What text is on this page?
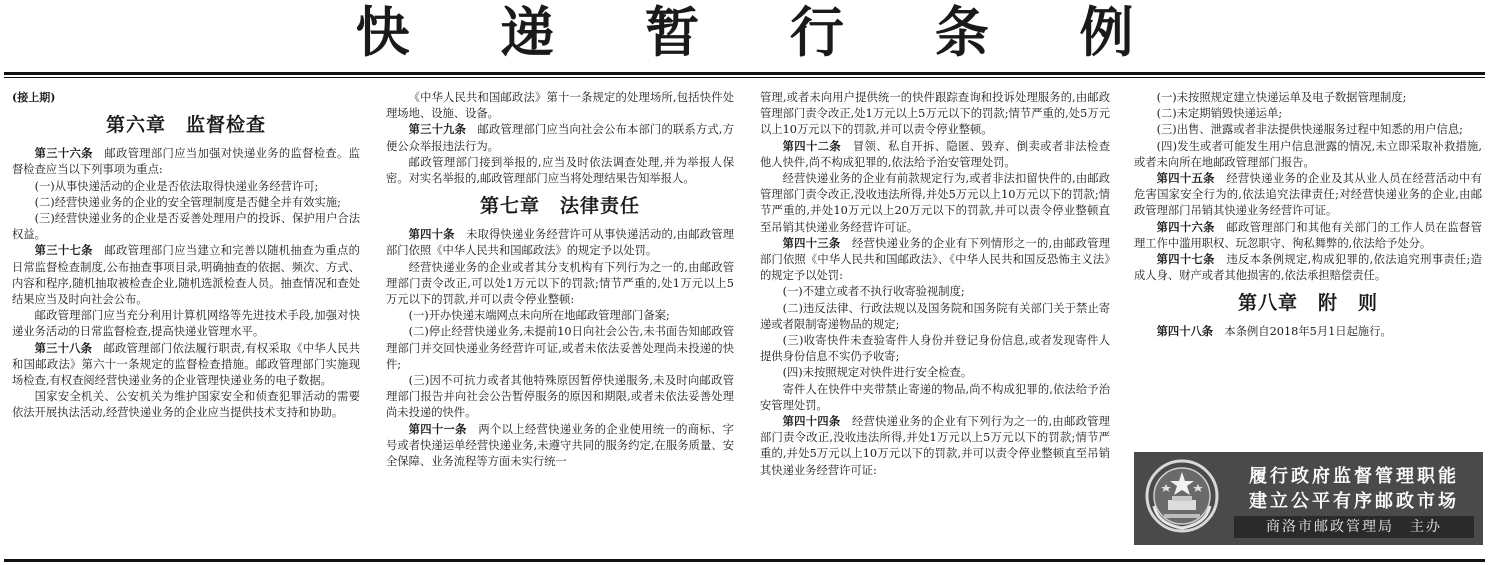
快 递 暂 行 条 例

(接上期)

第六章　监督检查

第三十六条　邮政管理部门应当加强对快递业务的监督检查。监督检查应当以下列事项为重点:

(一)从事快递活动的企业是否依法取得快递业务经营许可;

(二)经营快递业务的企业的安全管理制度是否健全并有效实施;

(三)经营快递业务的企业是否妥善处理用户的投诉、保护用户合法权益。

第三十七条　邮政管理部门应当建立和完善以随机抽查为重点的日常监督检查制度,公布抽查事项目录,明确抽查的依据、频次、方式、内容和程序,随机抽取被检查企业,随机选派检查人员。抽查情况和查处结果应当及时向社会公布。

邮政管理部门应当充分利用计算机网络等先进技术手段,加强对快递业务活动的日常监督检查,提高快递业管理水平。

第三十八条　邮政管理部门依法履行职责,有权采取《中华人民共和国邮政法》第六十一条规定的监督检查措施。邮政管理部门实施现场检查,有权查阅经营快递业务的企业管理快递业务的电子数据。

国家安全机关、公安机关为维护国家安全和侦查犯罪活动的需要依法开展执法活动,经营快递业务的企业应当提供技术支持和协助。

《中华人民共和国邮政法》第十一条规定的处理场所,包括快件处理场地、设施、设备。

第三十九条　邮政管理部门应当向社会公布本部门的联系方式,方便公众举报违法行为。

邮政管理部门接到举报的,应当及时依法调查处理,并为举报人保密。对实名举报的,邮政管理部门应当将处理结果告知举报人。

第七章　法律责任

第四十条　未取得快递业务经营许可从事快递活动的,由邮政管理部门依照《中华人民共和国邮政法》的规定予以处罚。

经营快递业务的企业或者其分支机构有下列行为之一的,由邮政管理部门责令改正,可以处1万元以下的罚款;情节严重的,处1万元以上5万元以下的罚款,并可以责令停业整顿:

(一)开办快递末端网点未向所在地邮政管理部门备案;

(二)停止经营快递业务,未提前10日向社会公告,未书面告知邮政管理部门并交回快递业务经营许可证,或者未依法妥善处理尚未投递的快件;

(三)因不可抗力或者其他特殊原因暂停快递服务,未及时向邮政管理部门报告并向社会公告暂停服务的原因和期限,或者未依法妥善处理尚未投递的快件。

第四十一条　两个以上经营快递业务的企业使用统一的商标、字号或者快递运单经营快递业务,未遵守共同的服务约定,在服务质量、安全保障、业务流程等方面未实行统一

管理,或者未向用户提供统一的快件跟踪查询和投诉处理服务的,由邮政管理部门责令改正,处1万元以上5万元以下的罚款;情节严重的,处5万元以上10万元以下的罚款,并可以责令停业整顿。

第四十二条　冒领、私自开拆、隐匿、毁弃、倒卖或者非法检查他人快件,尚不构成犯罪的,依法给予治安管理处罚。

经营快递业务的企业有前款规定行为,或者非法扣留快件的,由邮政管理部门责令改正,没收违法所得,并处5万元以上10万元以下的罚款;情节严重的,并处10万元以上20万元以下的罚款,并可以责令停业整顿直至吊销其快递业务经营许可证。

第四十三条　经营快递业务的企业有下列情形之一的,由邮政管理部门依照《中华人民共和国邮政法》、《中华人民共和国反恐怖主义法》的规定予以处罚:

(一)不建立或者不执行收寄验视制度;

(二)违反法律、行政法规以及国务院和国务院有关部门关于禁止寄递或者限制寄递物品的规定;

(三)收寄快件未查验寄件人身份并登记身份信息,或者发现寄件人提供身份信息不实仍予收寄;

(四)未按照规定对快件进行安全检查。

寄件人在快件中夹带禁止寄递的物品,尚不构成犯罪的,依法给予治安管理处罚。

第四十四条　经营快递业务的企业有下列行为之一的,由邮政管理部门责令改正,没收违法所得,并处1万元以上5万元以下的罚款;情节严重的,并处5万元以上10万元以下的罚款,并可以责令停业整顿直至吊销其快递业务经营许可证:

(一)未按照规定建立快递运单及电子数据管理制度;

(二)未定期销毁快递运单;

(三)出售、泄露或者非法提供快递服务过程中知悉的用户信息;

(四)发生或者可能发生用户信息泄露的情况,未立即采取补救措施,或者未向所在地邮政管理部门报告。

第四十五条　经营快递业务的企业及其从业人员在经营活动中有危害国家安全行为的,依法追究法律责任;对经营快递业务的企业,由邮政管理部门吊销其快递业务经营许可证。

第四十六条　邮政管理部门和其他有关部门的工作人员在监督管理工作中滥用职权、玩忽职守、徇私舞弊的,依法给予处分。

第四十七条　违反本条例规定,构成犯罪的,依法追究刑事责任;造成人身、财产或者其他损害的,依法承担赔偿责任。

第八章　附　则

第四十八条　本条例自2018年5月1日起施行。

履行政府监督管理职能
建立公平有序邮政市场
商洛市邮政管理局　主办
